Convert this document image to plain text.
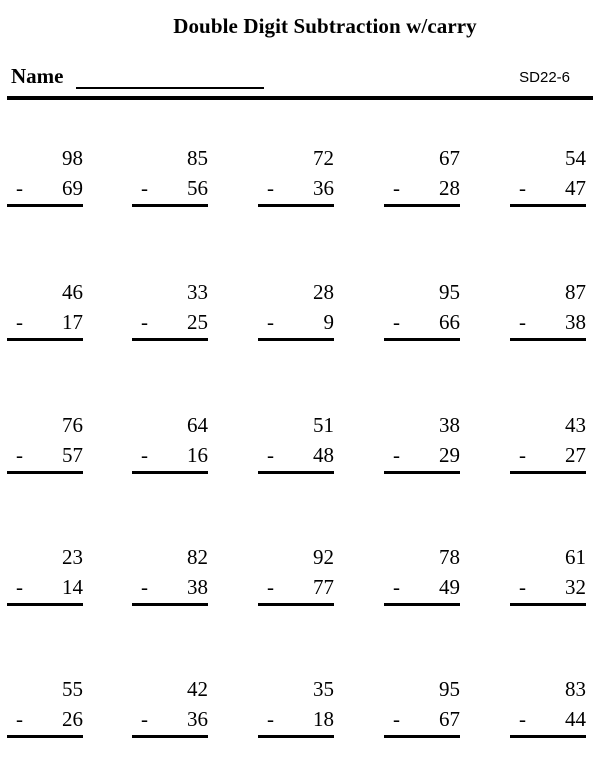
Double Digit Subtraction w/carry
Name	SD22-6
98
- 69
85
- 56
72
- 36
67
- 28
54
- 47
46
- 17
33
- 25
28
- 9
95
- 66
87
- 38
76
- 57
64
- 16
51
- 48
38
- 29
43
- 27
23
- 14
82
- 38
92
- 77
78
- 49
61
- 32
55
- 26
42
- 36
35
- 18
95
- 67
83
- 44
